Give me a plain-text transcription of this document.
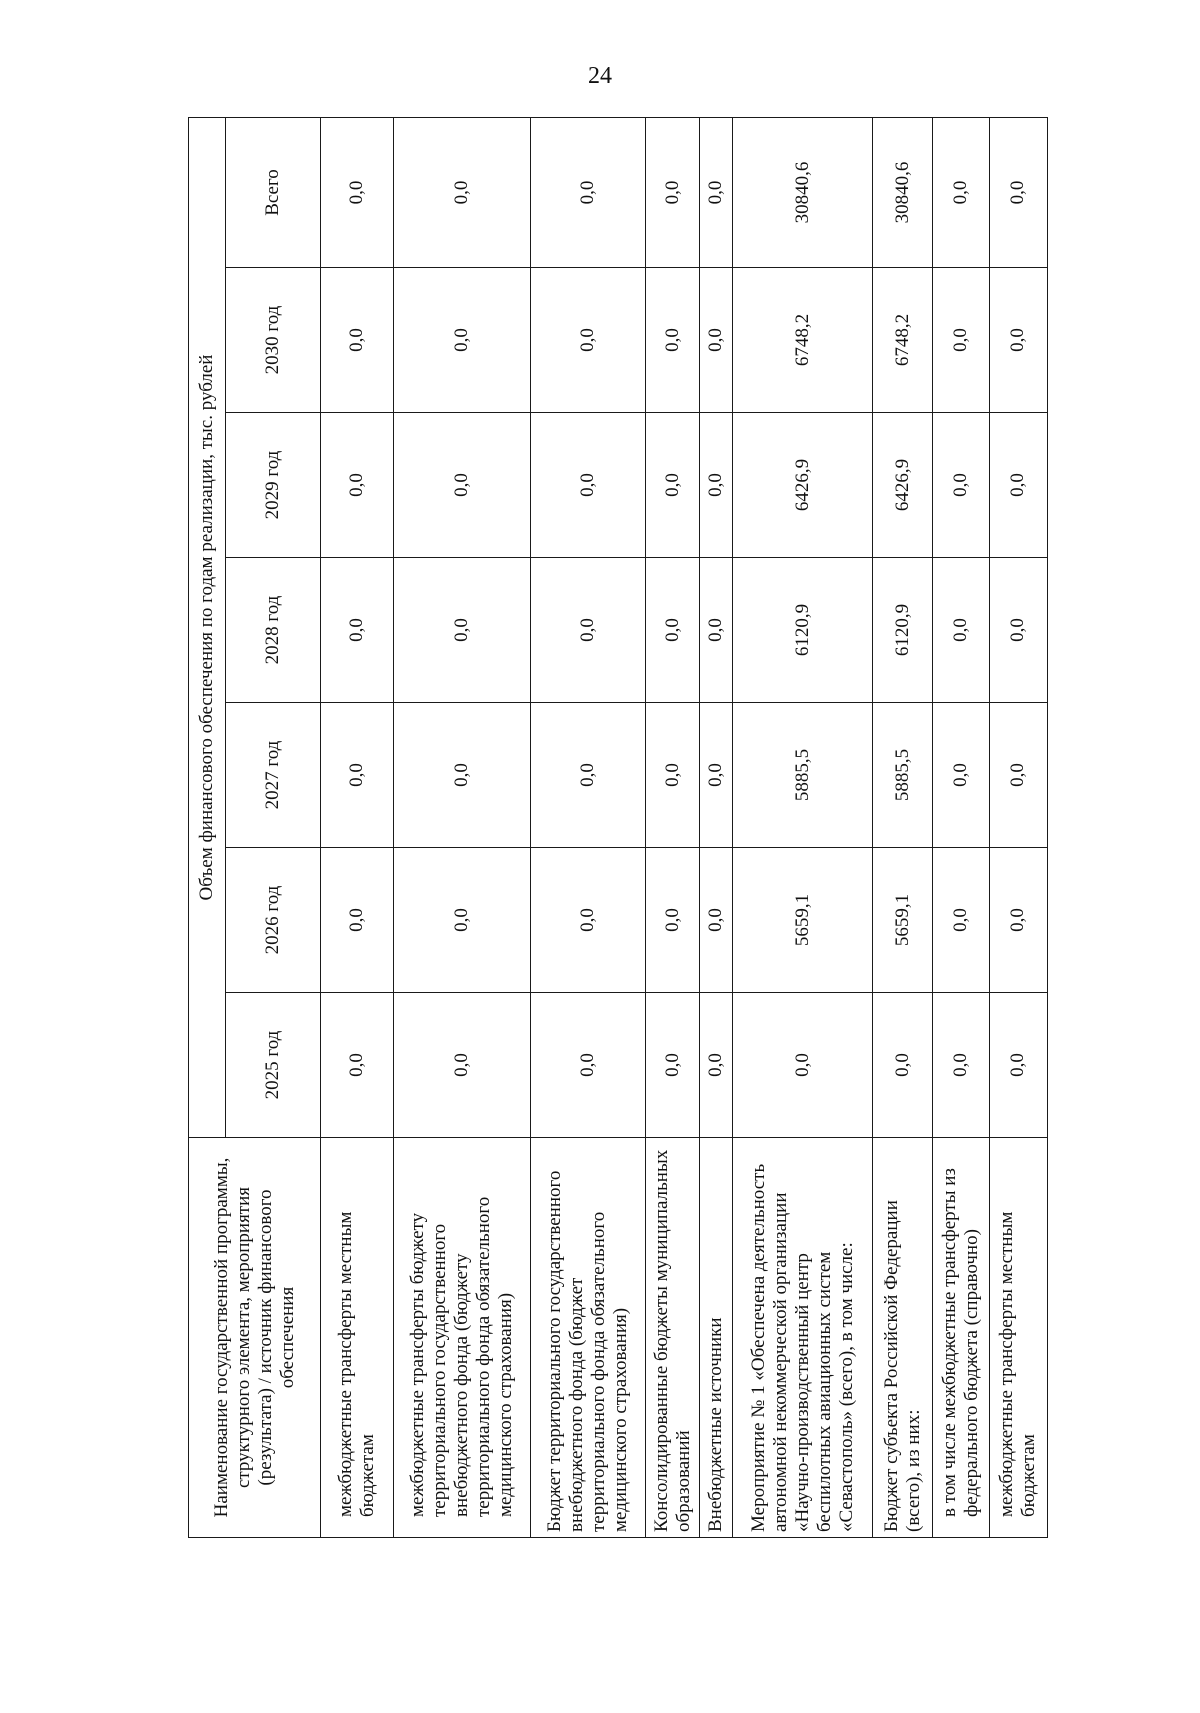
24
Наименование государственной программы, структурного элемента, мероприятия (результата) / источник финансового обеспечения	Объем финансового обеспечения по годам реализации, тыс. рублей						
	2025 год	2026 год	2027 год	2028 год	2029 год	2030 год	Всего
межбюджетные трансферты местным бюджетам	0,0	0,0	0,0	0,0	0,0	0,0	0,0
межбюджетные трансферты бюджету территориального государственного внебюджетного фонда (бюджету территориального фонда обязательного медицинского страхования)	0,0	0,0	0,0	0,0	0,0	0,0	0,0
Бюджет территориального государственного внебюджетного фонда (бюджет территориального фонда обязательного медицинского страхования)	0,0	0,0	0,0	0,0	0,0	0,0	0,0
Консолидированные бюджеты муниципальных образований	0,0	0,0	0,0	0,0	0,0	0,0	0,0
Внебюджетные источники	0,0	0,0	0,0	0,0	0,0	0,0	0,0
Мероприятие № 1 «Обеспечена деятельность автономной некоммерческой организации «Научно-производственный центр беспилотных авиационных систем «Севастополь» (всего), в том числе:	0,0	5659,1	5885,5	6120,9	6426,9	6748,2	30840,6
Бюджет субъекта Российской Федерации (всего), из них:	0,0	5659,1	5885,5	6120,9	6426,9	6748,2	30840,6
в том числе межбюджетные трансферты из федерального бюджета (справочно)	0,0	0,0	0,0	0,0	0,0	0,0	0,0
межбюджетные трансферты местным бюджетам	0,0	0,0	0,0	0,0	0,0	0,0	0,0
